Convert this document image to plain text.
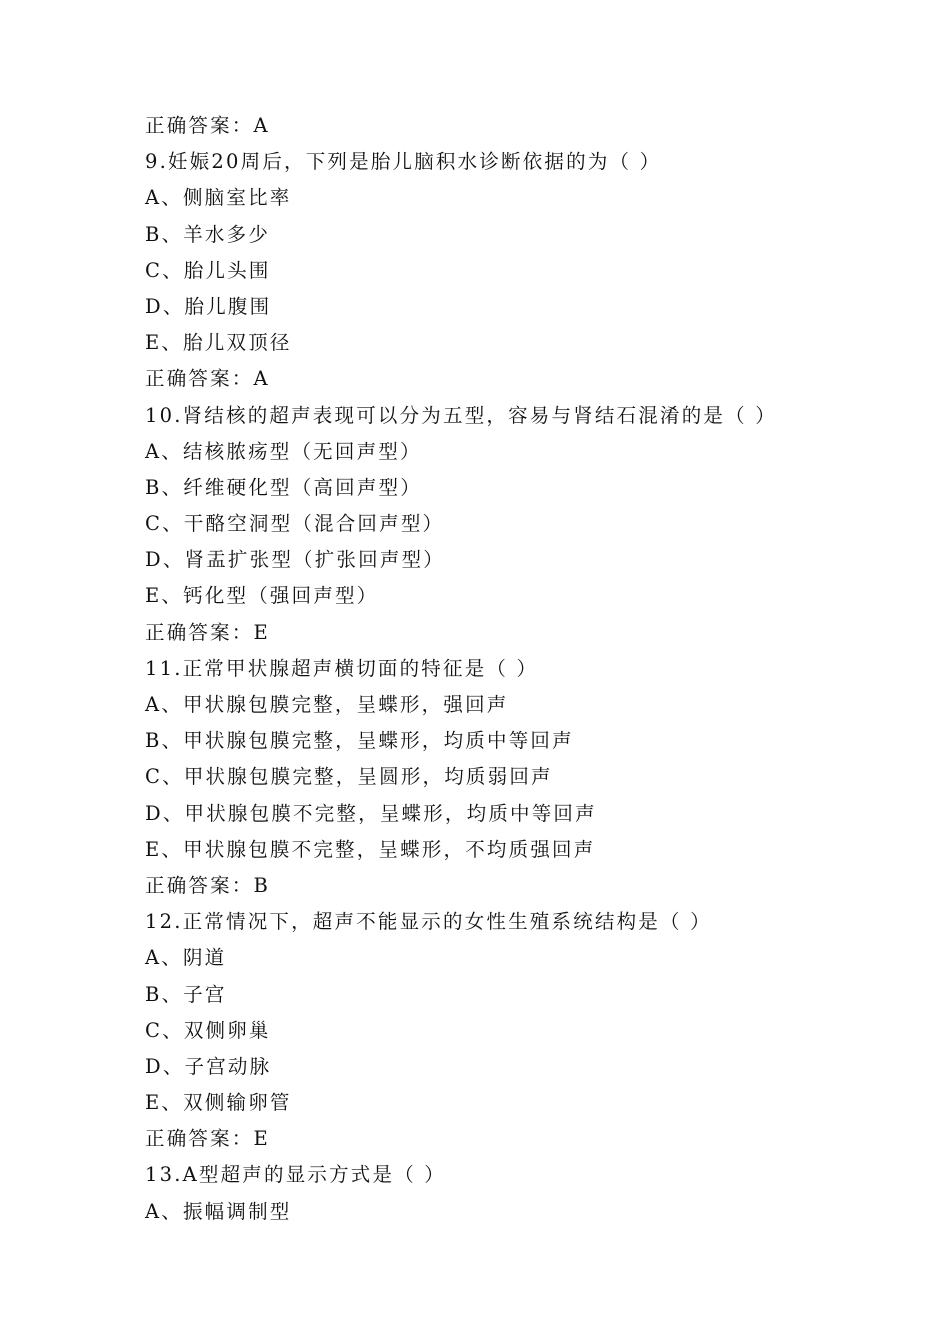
正确答案：A
9.妊娠20周后，下列是胎儿脑积水诊断依据的为（ ）
A、侧脑室比率
B、羊水多少
C、胎儿头围
D、胎儿腹围
E、胎儿双顶径
正确答案：A
10.肾结核的超声表现可以分为五型，容易与肾结石混淆的是（ ）
A、结核脓疡型（无回声型）
B、纤维硬化型（高回声型）
C、干酪空洞型（混合回声型）
D、肾盂扩张型（扩张回声型）
E、钙化型（强回声型）
正确答案：E
11.正常甲状腺超声横切面的特征是（ ）
A、甲状腺包膜完整，呈蝶形，强回声
B、甲状腺包膜完整，呈蝶形，均质中等回声
C、甲状腺包膜完整，呈圆形，均质弱回声
D、甲状腺包膜不完整，呈蝶形，均质中等回声
E、甲状腺包膜不完整，呈蝶形，不均质强回声
正确答案：B
12.正常情况下，超声不能显示的女性生殖系统结构是（ ）
A、阴道
B、子宫
C、双侧卵巢
D、子宫动脉
E、双侧输卵管
正确答案：E
13.A型超声的显示方式是（ ）
A、振幅调制型
